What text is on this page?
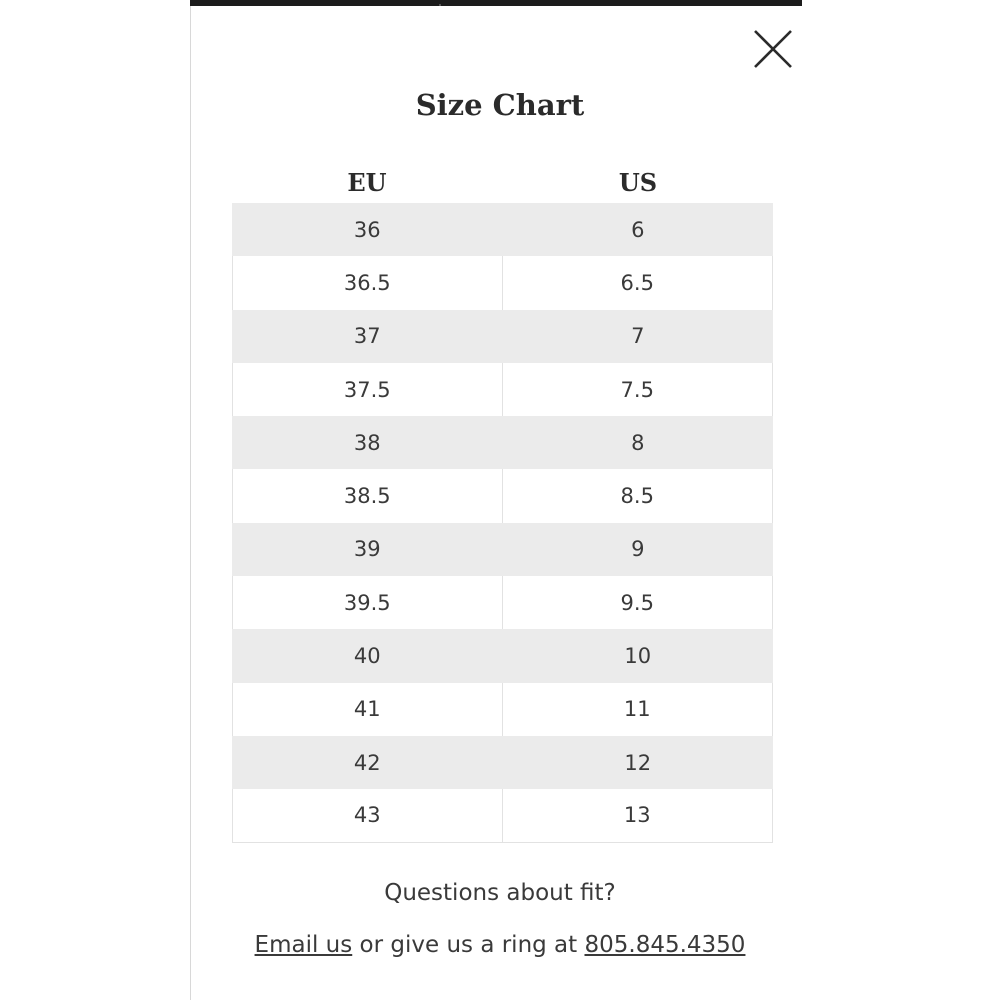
Size Chart
EU	US
36	6
36.5	6.5
37	7
37.5	7.5
38	8
38.5	8.5
39	9
39.5	9.5
40	10
41	11
42	12
43	13
Questions about fit?
Email us or give us a ring at 805.845.4350
